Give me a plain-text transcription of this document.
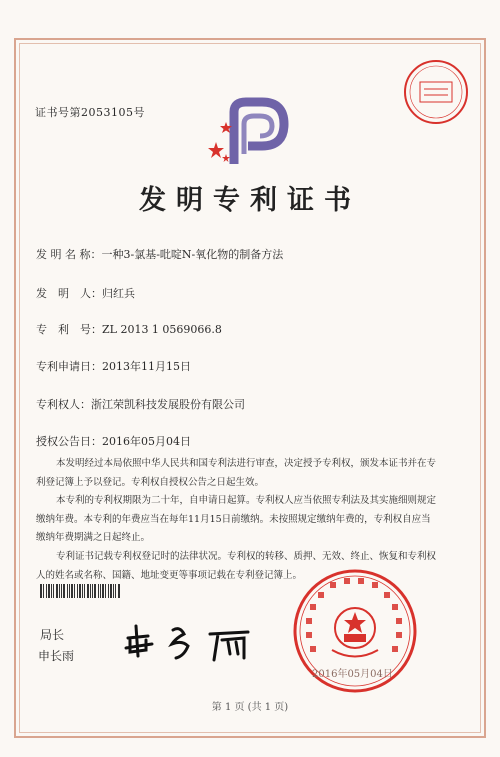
证书号第2053105号
发明专利证书
发 明 名 称：一种3-氯基-吡啶N-氧化物的制备方法
发　明　人：归红兵
专　利　号：ZL 2013 1 0569066.8
专利申请日：2013年11月15日
专利权人：浙江荣凯科技发展股份有限公司
授权公告日：2016年05月04日

本发明经过本局依照中华人民共和国专利法进行审查，决定授予专利权，颁发本证书并在专利登记簿上予以登记。专利权自授权公告之日起生效。

本专利的专利权期限为二十年，自申请日起算。专利权人应当依照专利法及其实施细则规定缴纳年费。本专利的年费应当在每年11月15日前缴纳。未按照规定缴纳年费的，专利权自应当缴纳年费期满之日起终止。

专利证书记载专利权登记时的法律状况。专利权的转移、质押、无效、终止、恢复和专利权人的姓名或名称、国籍、地址变更等事项记载在专利登记簿上。

局长
申长雨
2016年05月04日
第 1 页 (共 1 页)
